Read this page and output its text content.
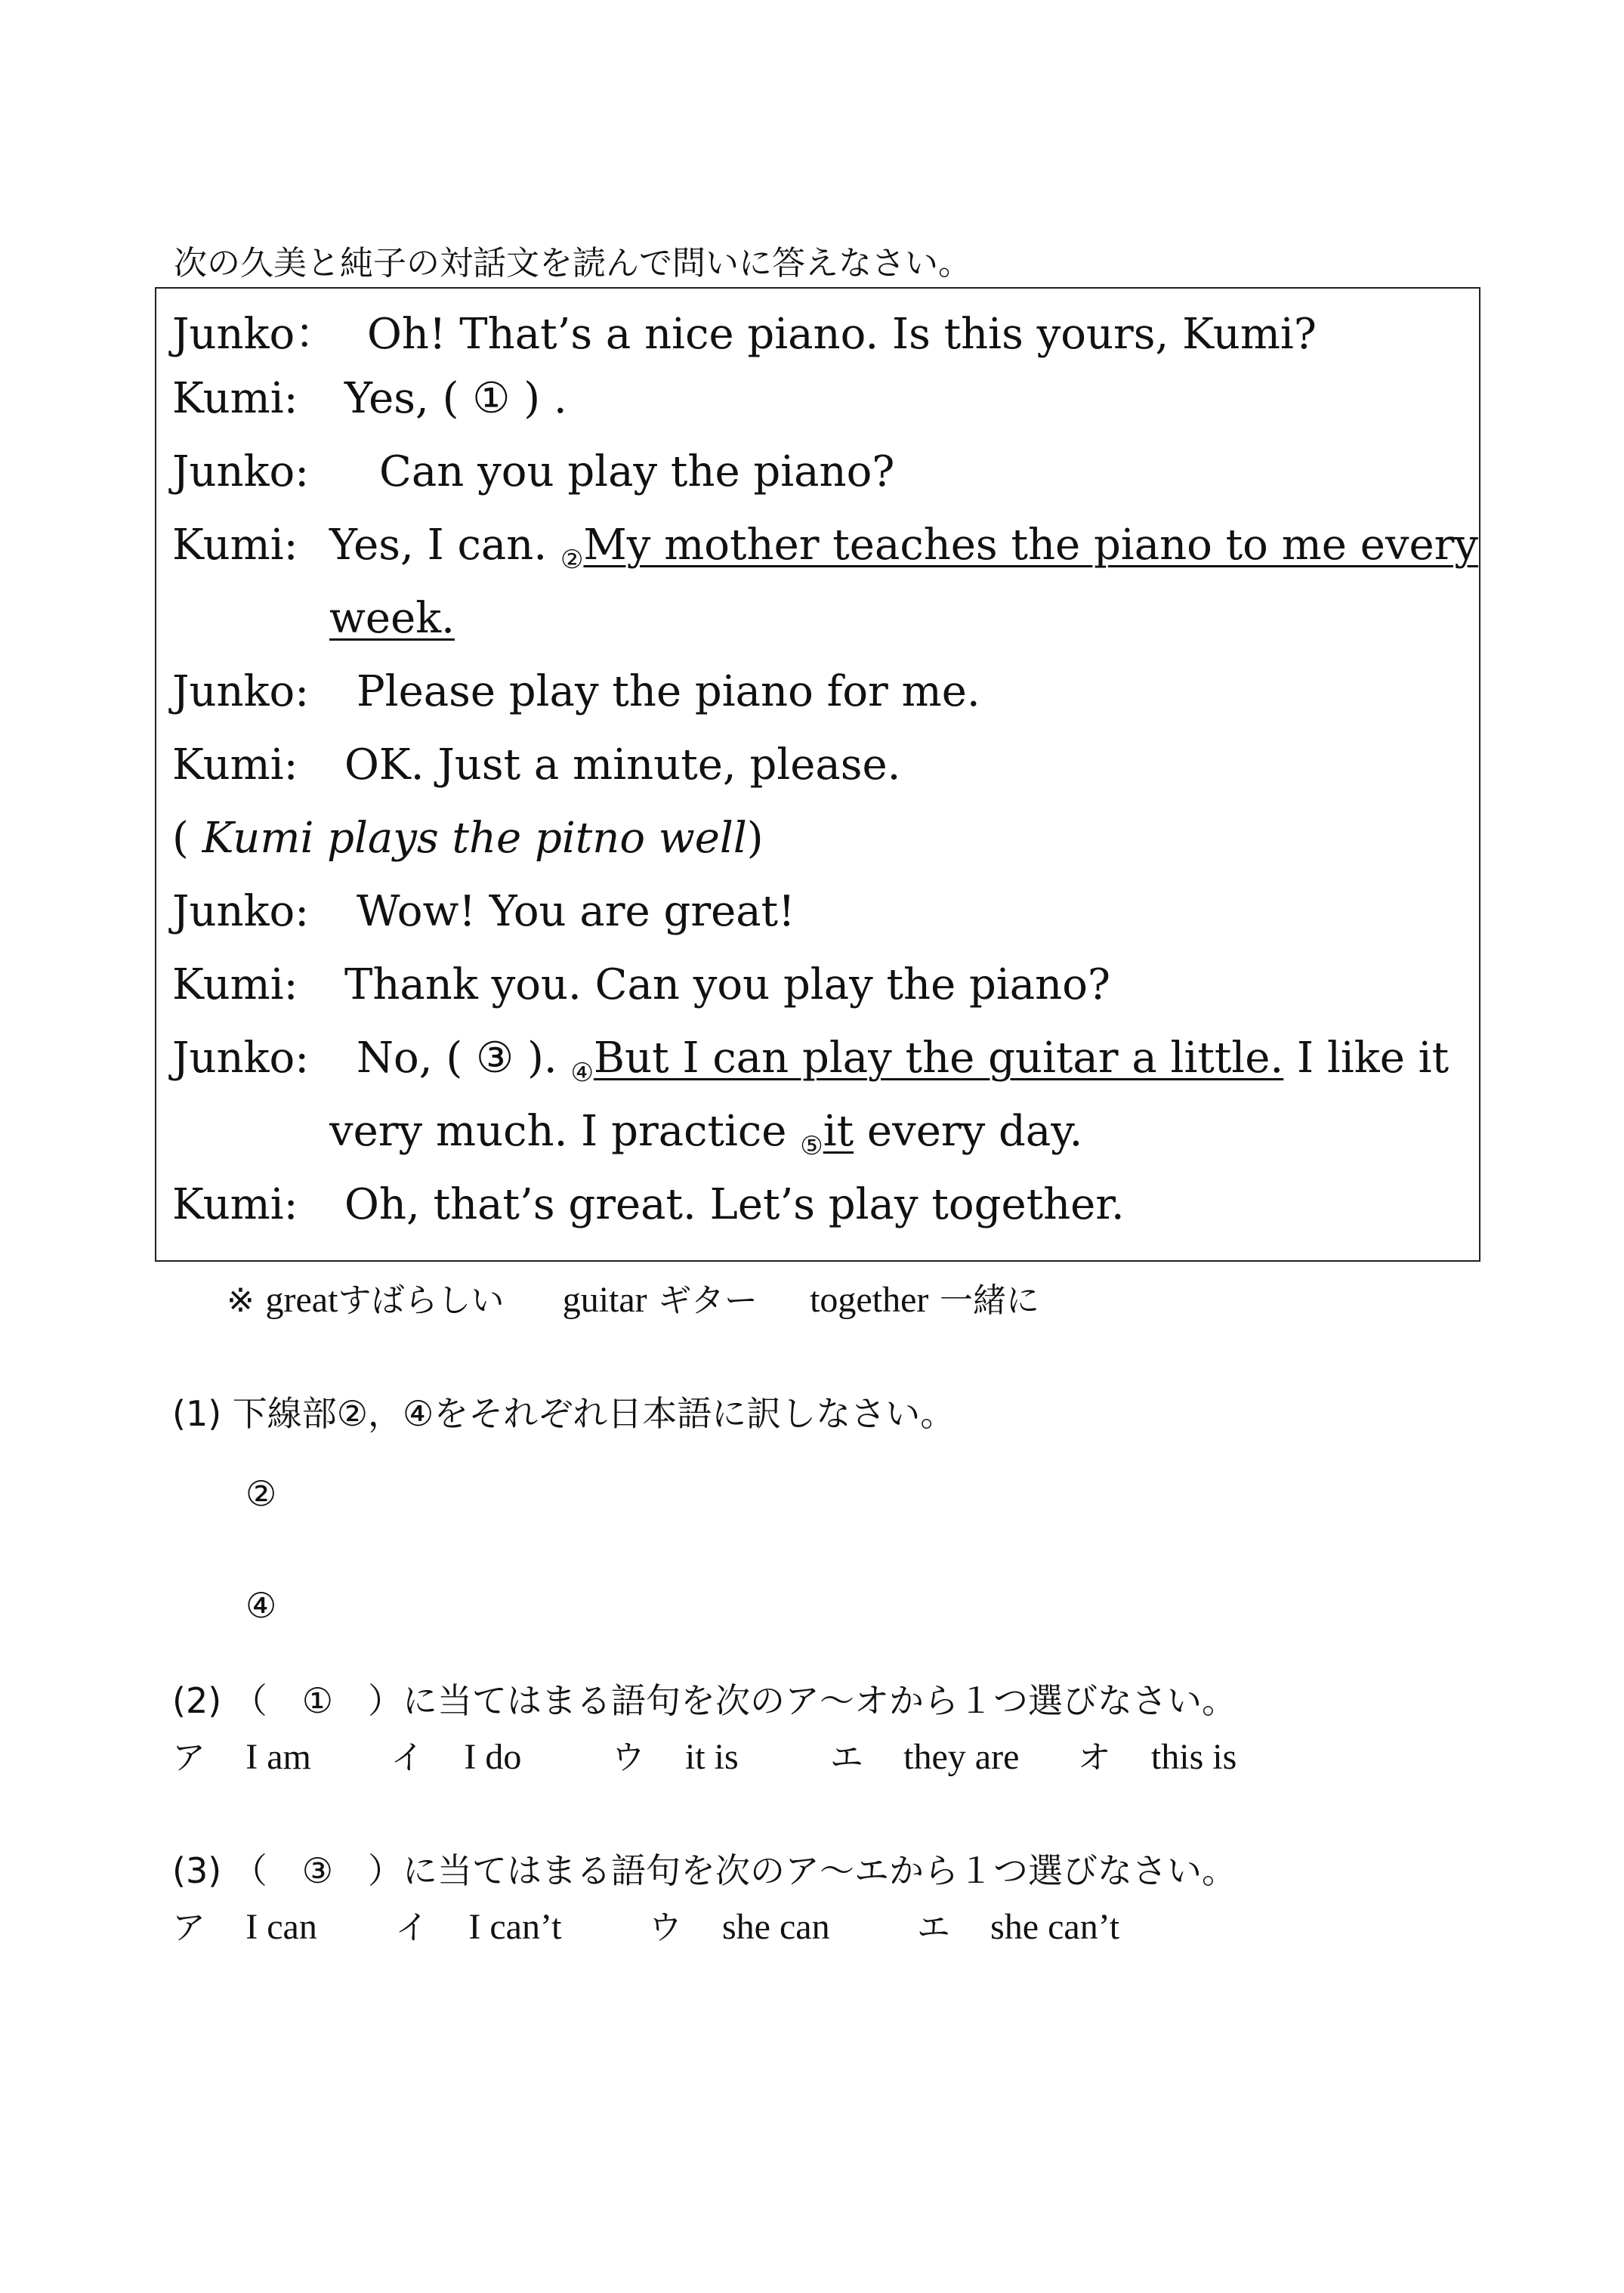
次の久美と純子の対話文を読んで問いに答えなさい。
Junko： Oh! That’s a nice piano. Is this yours, Kumi?
Kumi: Yes, ( ① ) .
Junko: Can you play the piano?
Kumi: Yes, I can. $_②$My mother teaches the piano to me every
week.
Junko: Please play the piano for me.
Kumi: OK. Just a minute, please.
( Kumi plays the pitno well)
Junko: Wow! You are great!
Kumi: Thank you. Can you play the piano?
Junko: No, ( ③ ). $_④$But I can play the guitar a little. I like it
very much. I practice $_⑤$it every day.
Kumi: Oh, that’s great. Let’s play together.
※ greatすばらしい guitar ギター together 一緒に
(1) 下線部②，④をそれぞれ日本語に訳しなさい。
②
④
(2) （　①　）に当てはまる語句を次のア～オから１つ選びなさい。
ア I am イ I do	ウ it is	エ they are オ this is
(3) （　③　）に当てはまる語句を次のア～エから１つ選びなさい。
ア I can イ I can’t	ウ she can	エ she can’t
